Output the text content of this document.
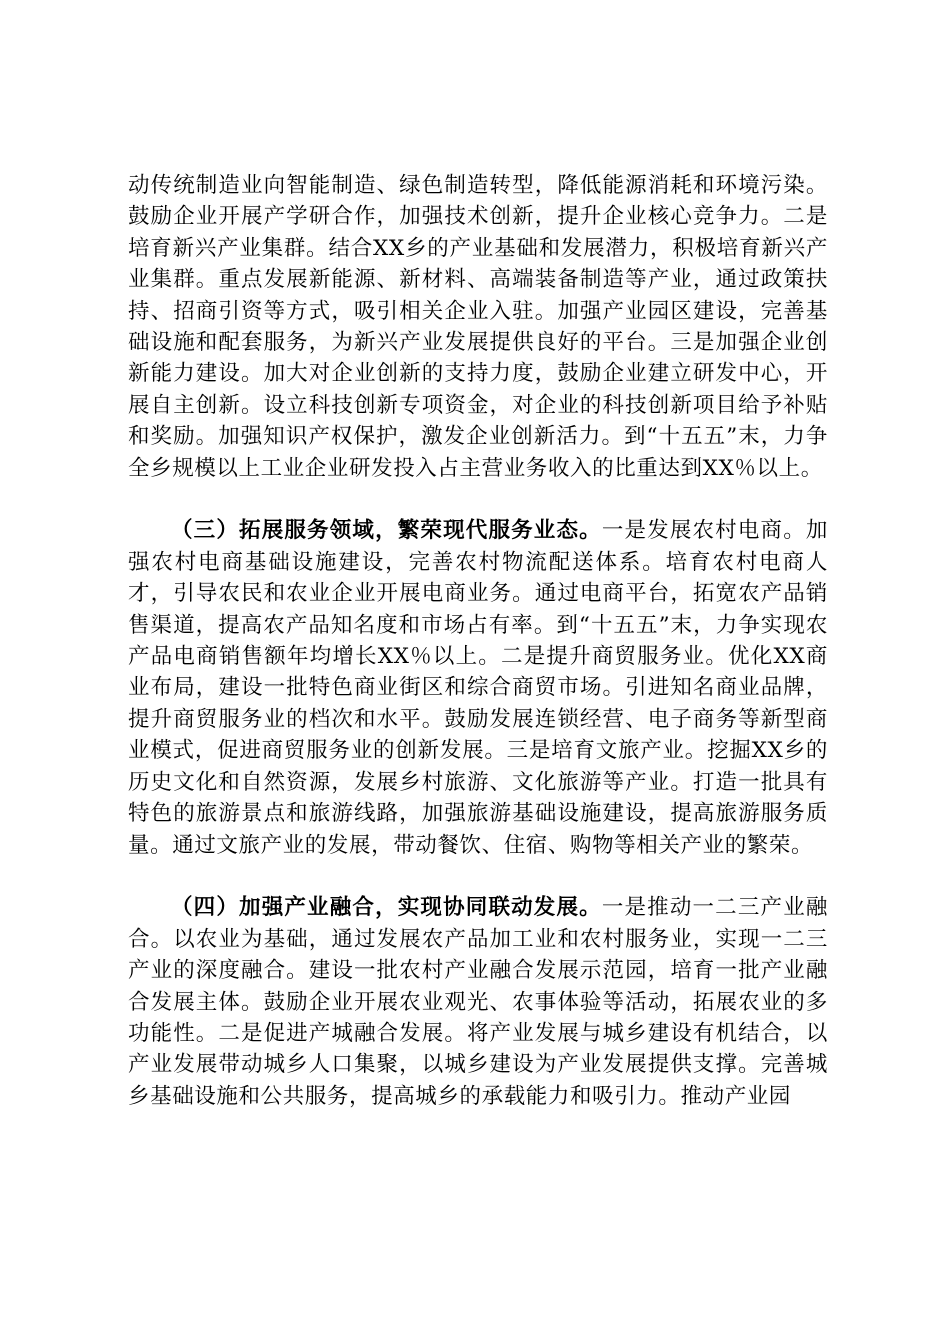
动传统制造业向智能制造、绿色制造转型，降低能源消耗和环境污染。鼓励企业开展产学研合作，加强技术创新，提升企业核心竞争力。二是培育新兴产业集群。结合XX乡的产业基础和发展潜力，积极培育新兴产业集群。重点发展新能源、新材料、高端装备制造等产业，通过政策扶持、招商引资等方式，吸引相关企业入驻。加强产业园区建设，完善基础设施和配套服务，为新兴产业发展提供良好的平台。三是加强企业创新能力建设。加大对企业创新的支持力度，鼓励企业建立研发中心，开展自主创新。设立科技创新专项资金，对企业的科技创新项目给予补贴和奖励。加强知识产权保护，激发企业创新活力。到“十五五”末，力争全乡规模以上工业企业研发投入占主营业务收入的比重达到XX％以上。

（三）拓展服务领域，繁荣现代服务业态。一是发展农村电商。加强农村电商基础设施建设，完善农村物流配送体系。培育农村电商人才，引导农民和农业企业开展电商业务。通过电商平台，拓宽农产品销售渠道，提高农产品知名度和市场占有率。到“十五五”末，力争实现农产品电商销售额年均增长XX％以上。二是提升商贸服务业。优化XX商业布局，建设一批特色商业街区和综合商贸市场。引进知名商业品牌，提升商贸服务业的档次和水平。鼓励发展连锁经营、电子商务等新型商业模式，促进商贸服务业的创新发展。三是培育文旅产业。挖掘XX乡的历史文化和自然资源，发展乡村旅游、文化旅游等产业。打造一批具有特色的旅游景点和旅游线路，加强旅游基础设施建设，提高旅游服务质量。通过文旅产业的发展，带动餐饮、住宿、购物等相关产业的繁荣。

（四）加强产业融合，实现协同联动发展。一是推动一二三产业融合。以农业为基础，通过发展农产品加工业和农村服务业，实现一二三产业的深度融合。建设一批农村产业融合发展示范园，培育一批产业融合发展主体。鼓励企业开展农业观光、农事体验等活动，拓展农业的多功能性。二是促进产城融合发展。将产业发展与城乡建设有机结合，以产业发展带动城乡人口集聚，以城乡建设为产业发展提供支撑。完善城乡基础设施和公共服务，提高城乡的承载能力和吸引力。推动产业园
